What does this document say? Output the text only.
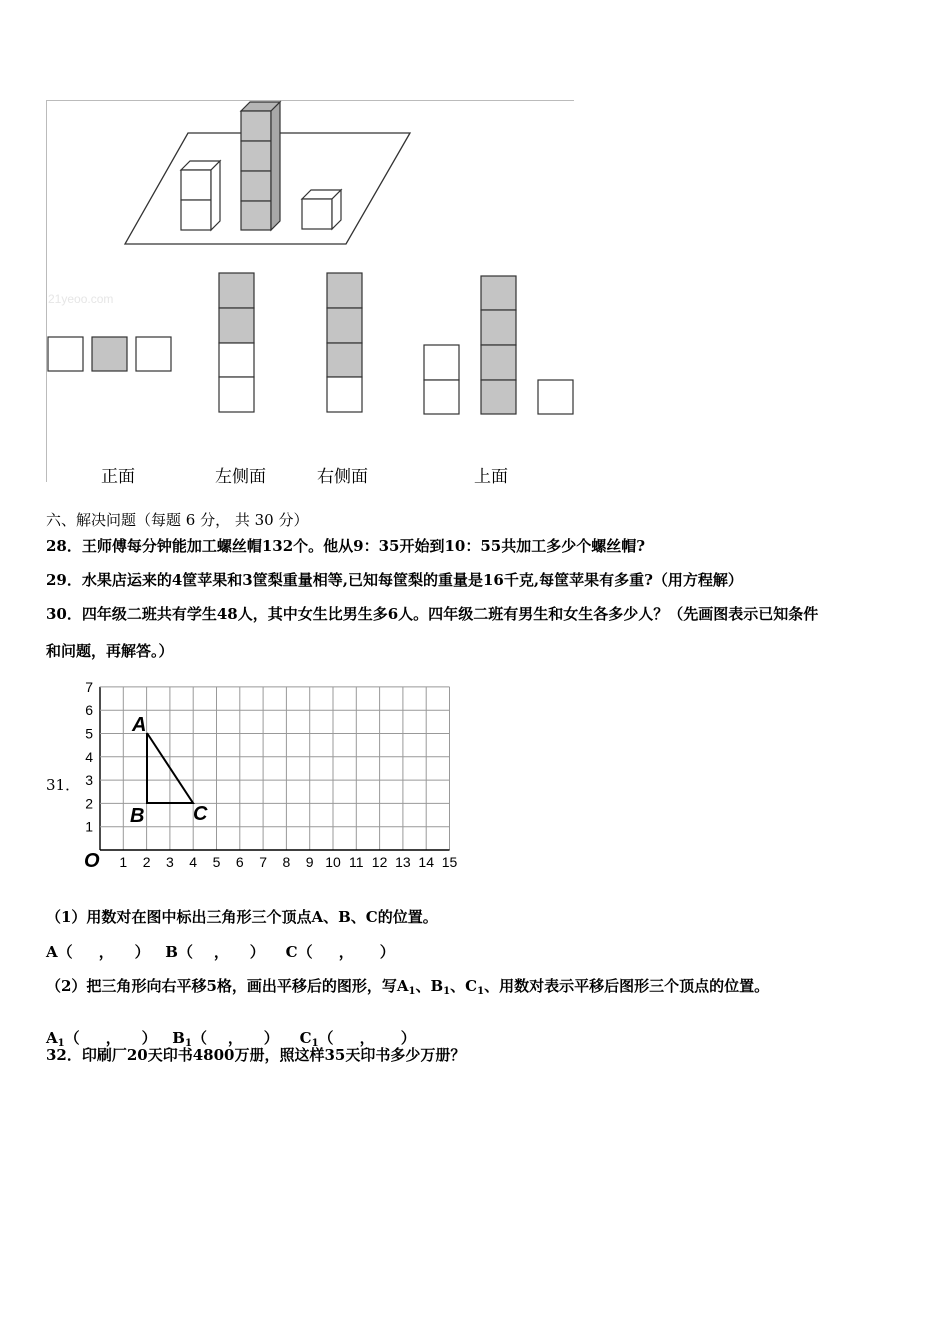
21yeoo.com
正面	左侧面	右侧面	上面
六、解决问题（每题 6 分， 共 30 分）
28．王师傅每分钟能加工螺丝帽132个。他从9：35开始到10：55共加工多少个螺丝帽?
29．水果店运来的4筐苹果和3筐梨重量相等,已知每筐梨的重量是16千克,每筐苹果有多重?（用方程解）
30．四年级二班共有学生48人，其中女生比男生多6人。四年级二班有男生和女生各多少人？（先画图表示已知条件
和问题，再解答。）
31．
1 2 3 4 5 6 7 8 9 10 11 12 13 14 15
1
2
3
4
5
6
7
O
A
B C
（1）用数对在图中标出三角形三个顶点A、B、C的位置。
A（     ，    ）   B（    ，    ）    C（     ，     ）
（2）把三角形向右平移5格，画出平移后的图形，写$A_1$、$B_1$、$C_1$、用数对表示平移后图形三个顶点的位置。

$A_1$（     ，    ） $B_1$（    ，    ） $C_1$（     ，     ）

32．印刷厂20天印书4800万册，照这样35天印书多少万册？
